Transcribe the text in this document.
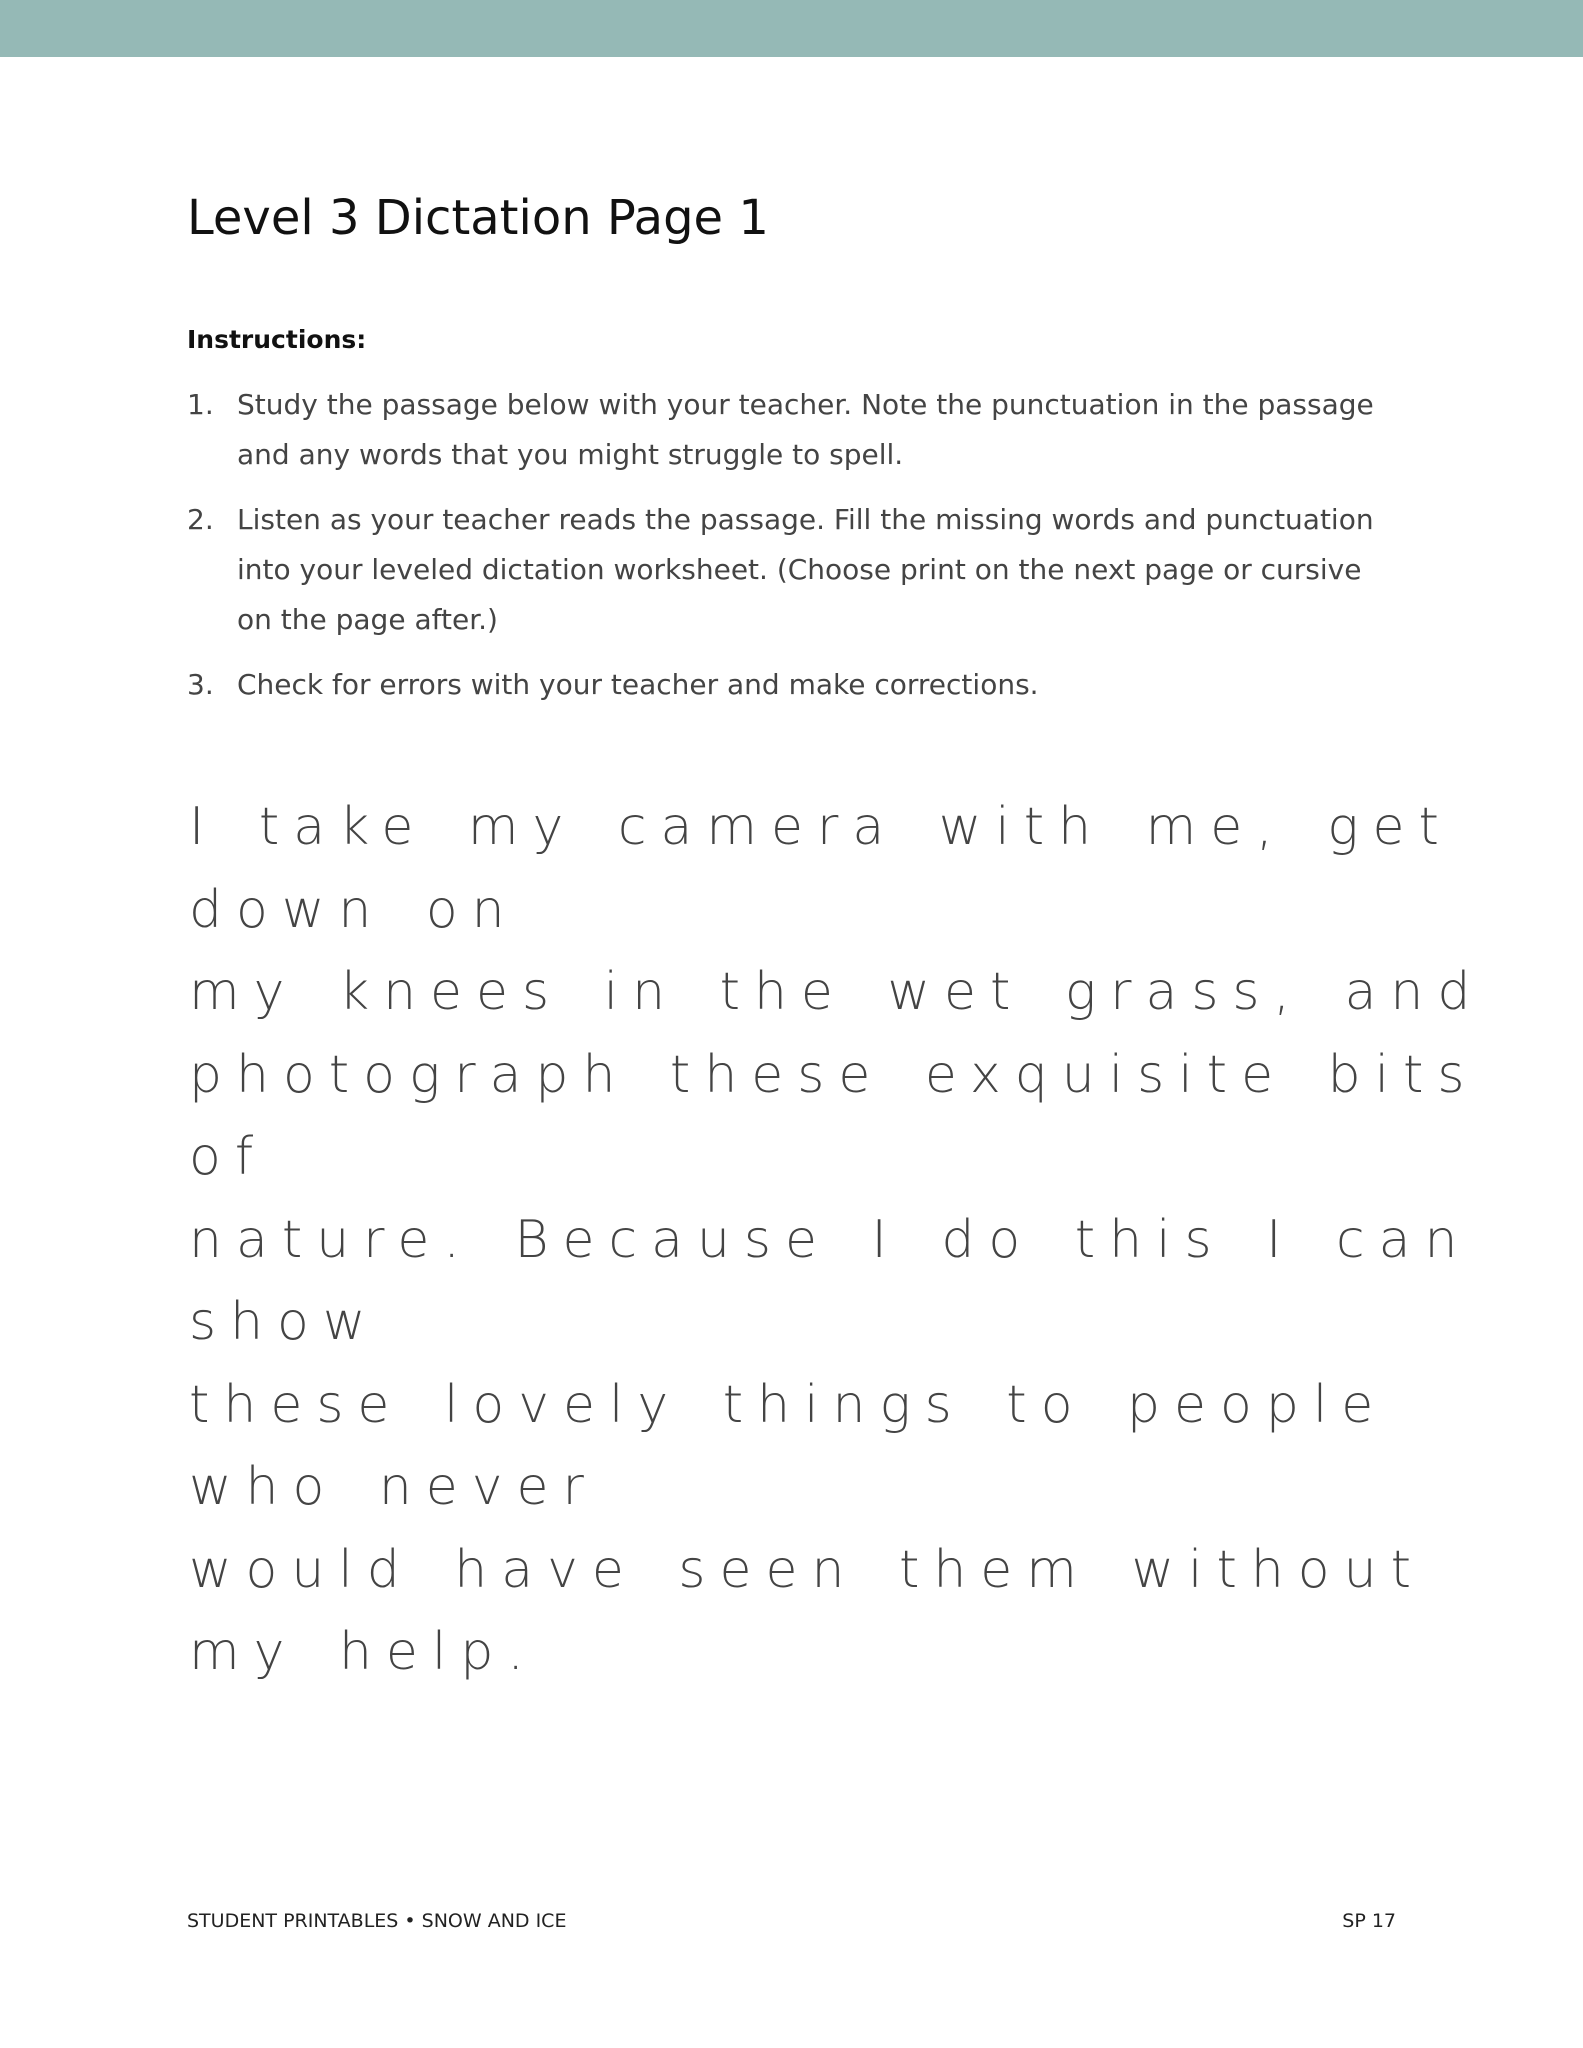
Level 3 Dictation Page 1
Instructions:
1. Study the passage below with your teacher. Note the punctuation in the passage
and any words that you might struggle to spell.
2. Listen as your teacher reads the passage. Fill the missing words and punctuation
into your leveled dictation worksheet. (Choose print on the next page or cursive
on the page after.)
3. Check for errors with your teacher and make corrections.

I take my camera with me, get down on
my knees in the wet grass, and
photograph these exquisite bits of
nature. Because I do this I can show
these lovely things to people who never
would have seen them without my help.

STUDENT PRINTABLES • SNOW AND ICE	SP 17
